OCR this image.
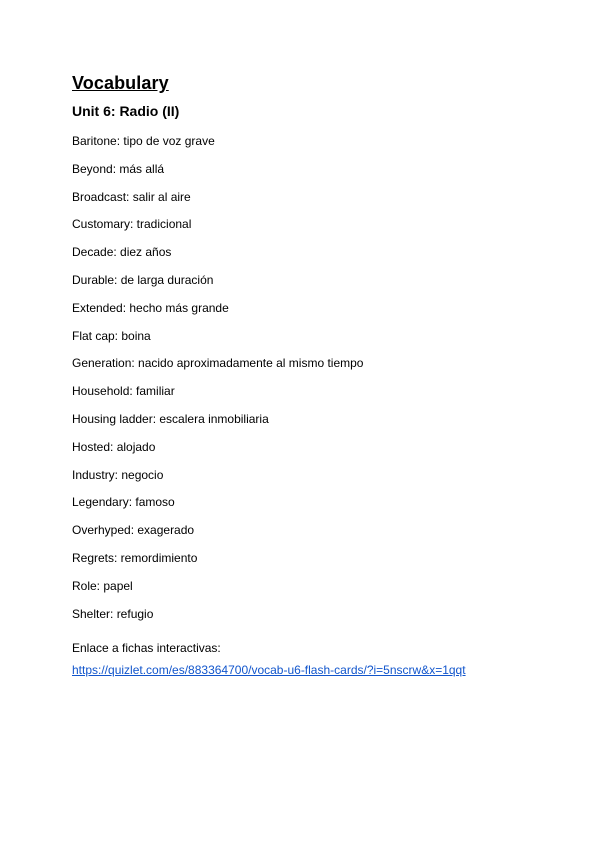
Vocabulary
Unit 6: Radio (II)
Baritone: tipo de voz grave
Beyond: más allá
Broadcast: salir al aire
Customary: tradicional
Decade: diez años
Durable: de larga duración
Extended: hecho más grande
Flat cap: boina
Generation: nacido aproximadamente al mismo tiempo
Household: familiar
Housing ladder: escalera inmobiliaria
Hosted: alojado
Industry: negocio
Legendary: famoso
Overhyped: exagerado
Regrets: remordimiento
Role: papel
Shelter: refugio
Enlace a fichas interactivas:
https://quizlet.com/es/883364700/vocab-u6-flash-cards/?i=5nscrw&x=1qqt
